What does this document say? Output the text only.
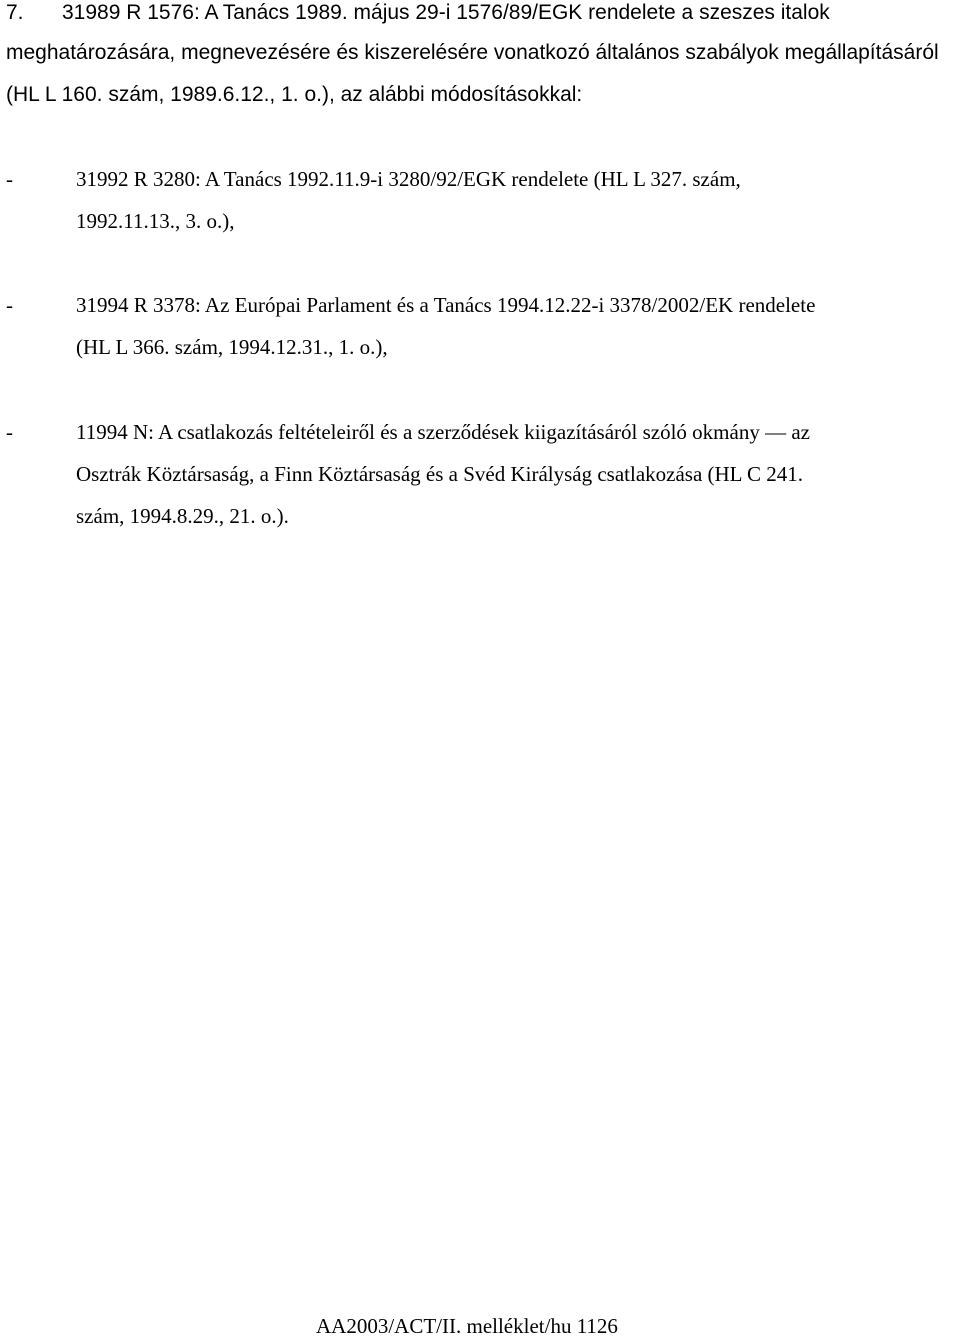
7. 31989 R 1576: A Tanács 1989. május 29-i 1576/89/EGK rendelete a szeszes italok
meghatározására, megnevezésére és kiszerelésére vonatkozó általános szabályok megállapításáról
(HL L 160. szám, 1989.6.12., 1. o.), az alábbi módosításokkal:
-	31992 R 3280: A Tanács 1992.11.9-i 3280/92/EGK rendelete (HL L 327. szám,
1992.11.13., 3. o.),
-	31994 R 3378: Az Európai Parlament és a Tanács 1994.12.22-i 3378/2002/EK rendelete
(HL L 366. szám, 1994.12.31., 1. o.),
-	11994 N: A csatlakozás feltételeiről és a szerződések kiigazításáról szóló okmány — az
Osztrák Köztársaság, a Finn Köztársaság és a Svéd Királyság csatlakozása (HL C 241.
szám, 1994.8.29., 21. o.).
AA2003/ACT/II. melléklet/hu 1126
